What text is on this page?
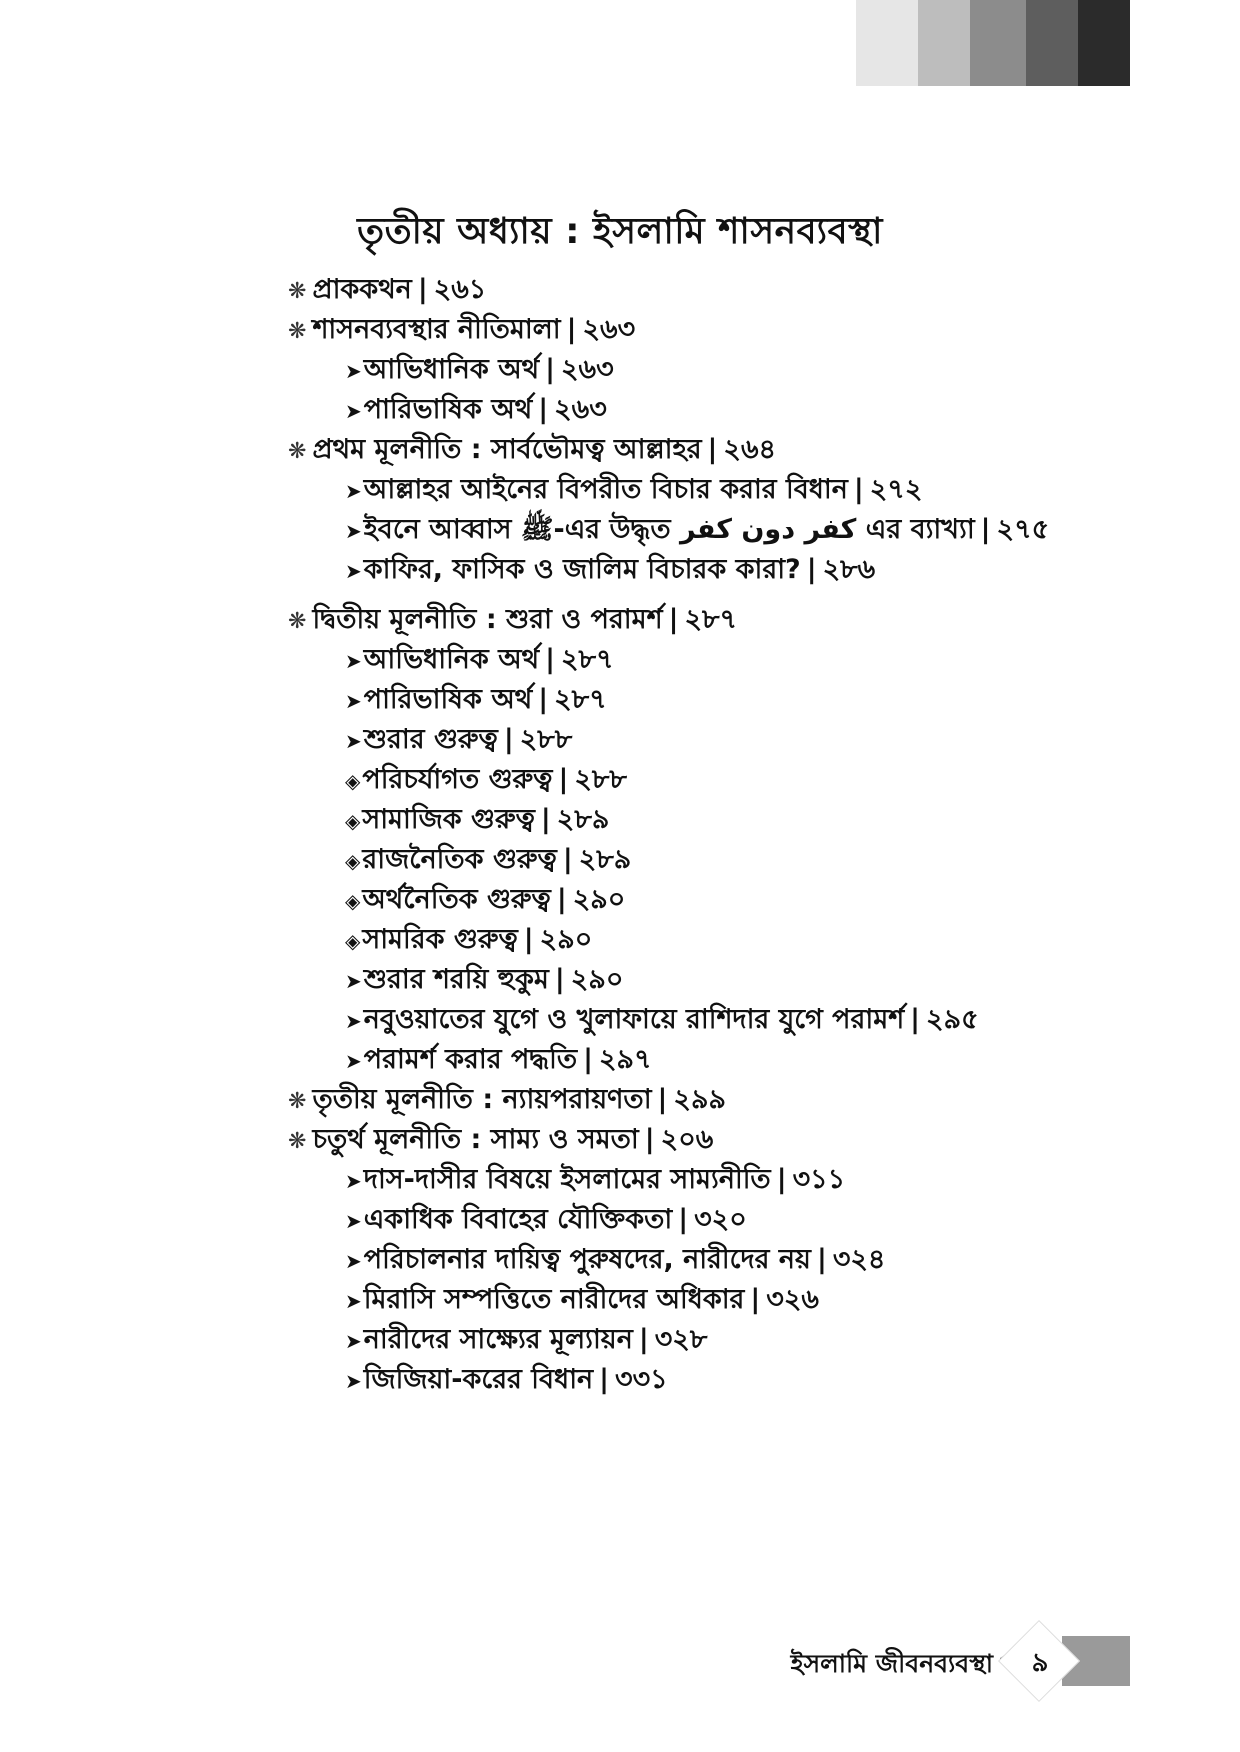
তৃতীয় অধ্যায় : ইসলামি শাসনব্যবস্থা
❋ প্রাককথন | ২৬১
❋ শাসনব্যবস্থার নীতিমালা | ২৬৩
➤আভিধানিক অর্থ | ২৬৩
➤পারিভাষিক অর্থ | ২৬৩
❋ প্রথম মূলনীতি : সার্বভৌমত্ব আল্লাহর | ২৬৪
➤আল্লাহর আইনের বিপরীত বিচার করার বিধান | ২৭২
➤ইবনে আব্বাস ﷺ-এর উদ্ধৃত كفر دون كفر এর ব্যাখ্যা | ২৭৫
➤কাফির, ফাসিক ও জালিম বিচারক কারা? | ২৮৬
❋ দ্বিতীয় মূলনীতি : শুরা ও পরামর্শ | ২৮৭
➤আভিধানিক অর্থ | ২৮৭
➤পারিভাষিক অর্থ | ২৮৭
➤শুরার গুরুত্ব | ২৮৮
◈পরিচর্যাগত গুরুত্ব | ২৮৮
◈সামাজিক গুরুত্ব | ২৮৯
◈রাজনৈতিক গুরুত্ব | ২৮৯
◈অর্থনৈতিক গুরুত্ব | ২৯০
◈সামরিক গুরুত্ব | ২৯০
➤শুরার শরয়ি হুকুম | ২৯০
➤নবুওয়াতের যুগে ও খুলাফায়ে রাশিদার যুগে পরামর্শ | ২৯৫
➤পরামর্শ করার পদ্ধতি | ২৯৭
❋ তৃতীয় মূলনীতি : ন্যায়পরায়ণতা | ২৯৯
❋ চতুর্থ মূলনীতি : সাম্য ও সমতা | ২০৬
➤দাস-দাসীর বিষয়ে ইসলামের সাম্যনীতি | ৩১১
➤একাধিক বিবাহের যৌক্তিকতা | ৩২০
➤পরিচালনার দায়িত্ব পুরুষদের, নারীদের নয় | ৩২৪
➤মিরাসি সম্পত্তিতে নারীদের অধিকার | ৩২৬
➤নারীদের সাক্ষ্যের মূল্যায়ন | ৩২৮
➤জিজিয়া-করের বিধান | ৩৩১
ইসলামি জীবনব্যবস্থা ৯
